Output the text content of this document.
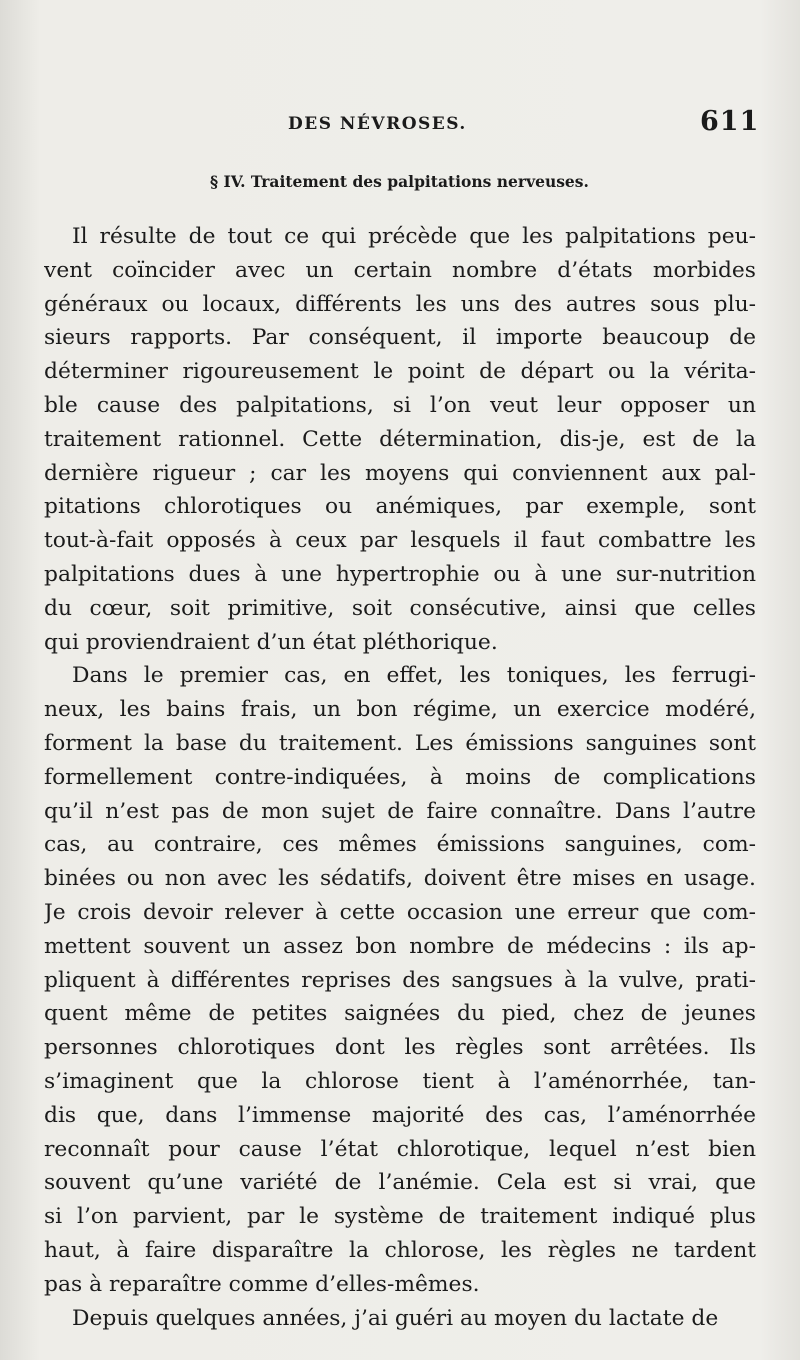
DES NÉVROSES.	611
§ IV. Traitement des palpitations nerveuses.
Il résulte de tout ce qui précède que les palpitations peu-
vent coïncider avec un certain nombre d’états morbides
généraux ou locaux, différents les uns des autres sous plu-
sieurs rapports. Par conséquent, il importe beaucoup de
déterminer rigoureusement le point de départ ou la vérita-
ble cause des palpitations, si l’on veut leur opposer un
traitement rationnel. Cette détermination, dis-je, est de la
dernière rigueur ; car les moyens qui conviennent aux pal-
pitations chlorotiques ou anémiques, par exemple, sont
tout-à-fait opposés à ceux par lesquels il faut combattre les
palpitations dues à une hypertrophie ou à une sur-nutrition
du cœur, soit primitive, soit consécutive, ainsi que celles
qui proviendraient d’un état pléthorique.
Dans le premier cas, en effet, les toniques, les ferrugi-
neux, les bains frais, un bon régime, un exercice modéré,
forment la base du traitement. Les émissions sanguines sont
formellement contre-indiquées, à moins de complications
qu’il n’est pas de mon sujet de faire connaître. Dans l’autre
cas, au contraire, ces mêmes émissions sanguines, com-
binées ou non avec les sédatifs, doivent être mises en usage.
Je crois devoir relever à cette occasion une erreur que com-
mettent souvent un assez bon nombre de médecins : ils ap-
pliquent à différentes reprises des sangsues à la vulve, prati-
quent même de petites saignées du pied, chez de jeunes
personnes chlorotiques dont les règles sont arrêtées. Ils
s’imaginent que la chlorose tient à l’aménorrhée, tan-
dis que, dans l’immense majorité des cas, l’aménorrhée
reconnaît pour cause l’état chlorotique, lequel n’est bien
souvent qu’une variété de l’anémie. Cela est si vrai, que
si l’on parvient, par le système de traitement indiqué plus
haut, à faire disparaître la chlorose, les règles ne tardent
pas à reparaître comme d’elles-mêmes.
Depuis quelques années, j’ai guéri au moyen du lactate de
